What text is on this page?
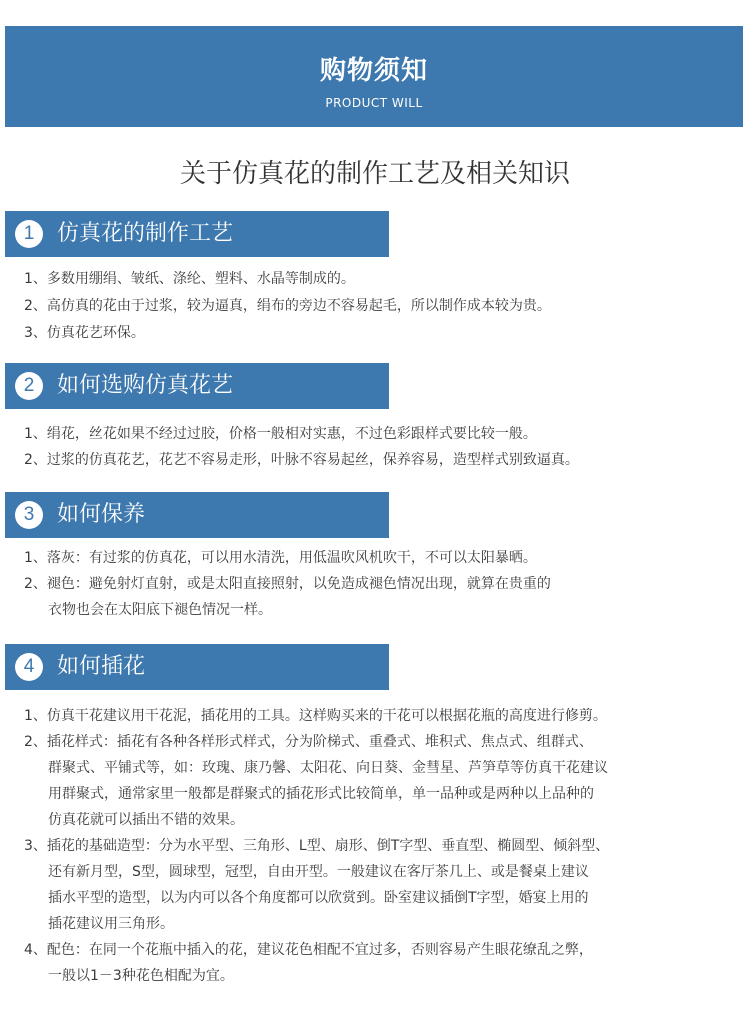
购物须知
PRODUCT WILL
关于仿真花的制作工艺及相关知识
1	仿真花的制作工艺
1、多数用绷绢、皱纸、涤纶、塑料、水晶等制成的。
2、高仿真的花由于过浆，较为逼真，绢布的旁边不容易起毛，所以制作成本较为贵。
3、仿真花艺环保。
2	如何选购仿真花艺
1、绢花，丝花如果不经过过胶，价格一般相对实惠，不过色彩跟样式要比较一般。
2、过浆的仿真花艺，花艺不容易走形，叶脉不容易起丝，保养容易，造型样式别致逼真。
3	如何保养
1、落灰：有过浆的仿真花，可以用水清洗，用低温吹风机吹干，不可以太阳暴晒。
2、褪色：避免射灯直射，或是太阳直接照射，以免造成褪色情况出现，就算在贵重的
衣物也会在太阳底下褪色情况一样。
4	如何插花
1、仿真干花建议用干花泥，插花用的工具。这样购买来的干花可以根据花瓶的高度进行修剪。
2、插花样式：插花有各种各样形式样式，分为阶梯式、重叠式、堆积式、焦点式、组群式、
群聚式、平铺式等，如：玫瑰、康乃馨、太阳花、向日葵、金彗星、芦笋草等仿真干花建议
用群聚式，通常家里一般都是群聚式的插花形式比较简单，单一品种或是两种以上品种的
仿真花就可以插出不错的效果。
3、插花的基础造型：分为水平型、三角形、L型、扇形、倒T字型、垂直型、椭圆型、倾斜型、
还有新月型，S型，圆球型，冠型，自由开型。一般建议在客厅茶几上、或是餐桌上建议
插水平型的造型，以为内可以各个角度都可以欣赏到。卧室建议插倒T字型，婚宴上用的
插花建议用三角形。
4、配色：在同一个花瓶中插入的花，建议花色相配不宜过多，否则容易产生眼花缭乱之弊，
一般以1－3种花色相配为宜。
